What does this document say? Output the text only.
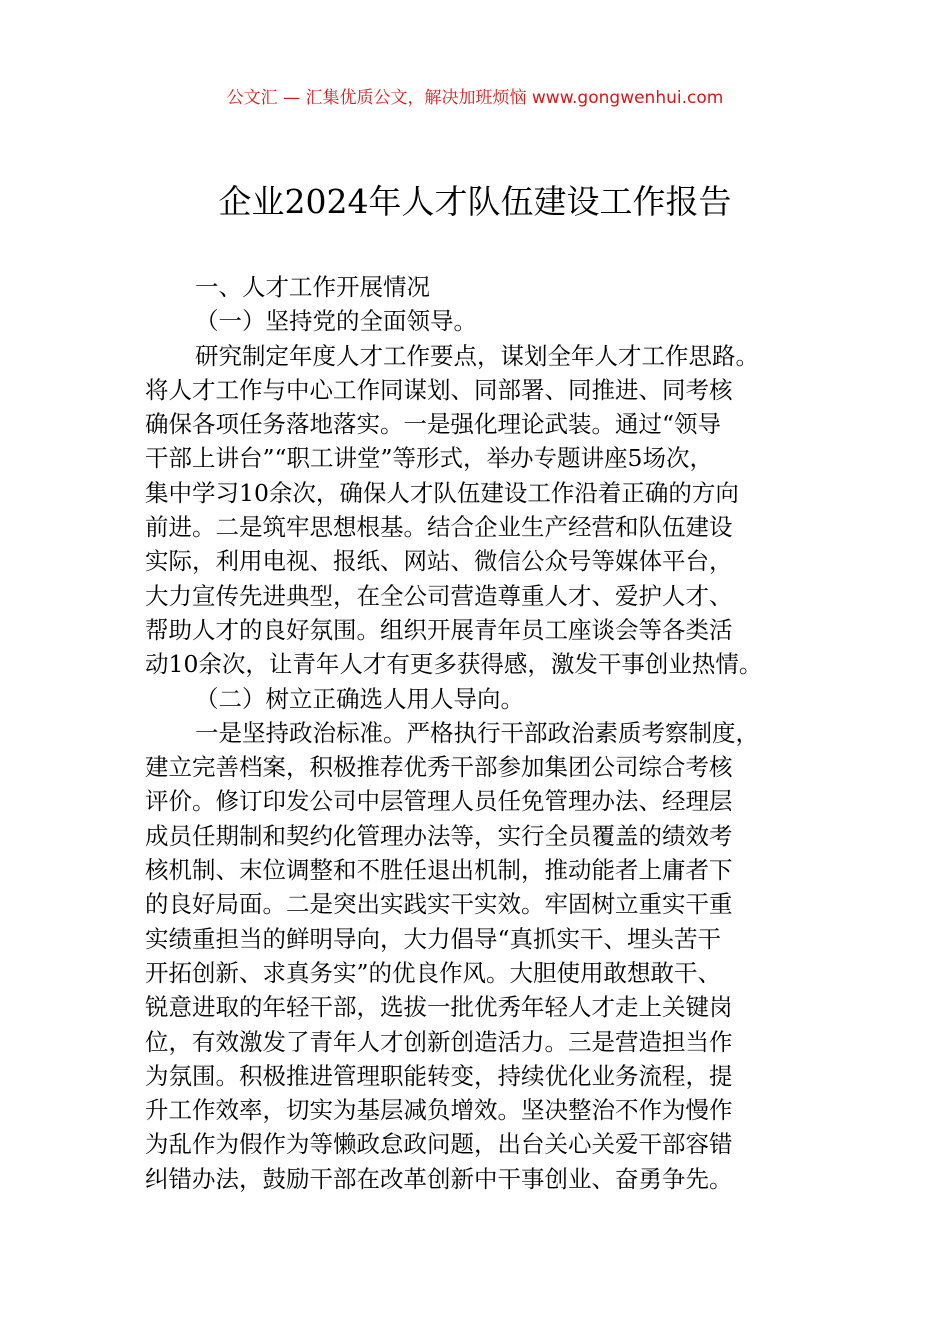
公文汇 — 汇集优质公文，解决加班烦恼 www.gongwenhui.com
企业2024年人才队伍建设工作报告
一、人才工作开展情况
（一）坚持党的全面领导。
研究制定年度人才工作要点，谋划全年人才工作思路。
将人才工作与中心工作同谋划、同部署、同推进、同考核
确保各项任务落地落实。一是强化理论武装。通过“领导
干部上讲台”“职工讲堂”等形式，举办专题讲座5场次，
集中学习10余次，确保人才队伍建设工作沿着正确的方向
前进。二是筑牢思想根基。结合企业生产经营和队伍建设
实际，利用电视、报纸、网站、微信公众号等媒体平台，
大力宣传先进典型，在全公司营造尊重人才、爱护人才、
帮助人才的良好氛围。组织开展青年员工座谈会等各类活
动10余次，让青年人才有更多获得感，激发干事创业热情。
（二）树立正确选人用人导向。
一是坚持政治标准。严格执行干部政治素质考察制度，
建立完善档案，积极推荐优秀干部参加集团公司综合考核
评价。修订印发公司中层管理人员任免管理办法、经理层
成员任期制和契约化管理办法等，实行全员覆盖的绩效考
核机制、末位调整和不胜任退出机制，推动能者上庸者下
的良好局面。二是突出实践实干实效。牢固树立重实干重
实绩重担当的鲜明导向，大力倡导“真抓实干、埋头苦干
开拓创新、求真务实”的优良作风。大胆使用敢想敢干、
锐意进取的年轻干部，选拔一批优秀年轻人才走上关键岗
位，有效激发了青年人才创新创造活力。三是营造担当作
为氛围。积极推进管理职能转变，持续优化业务流程，提
升工作效率，切实为基层减负增效。坚决整治不作为慢作
为乱作为假作为等懒政怠政问题，出台关心关爱干部容错
纠错办法，鼓励干部在改革创新中干事创业、奋勇争先。
